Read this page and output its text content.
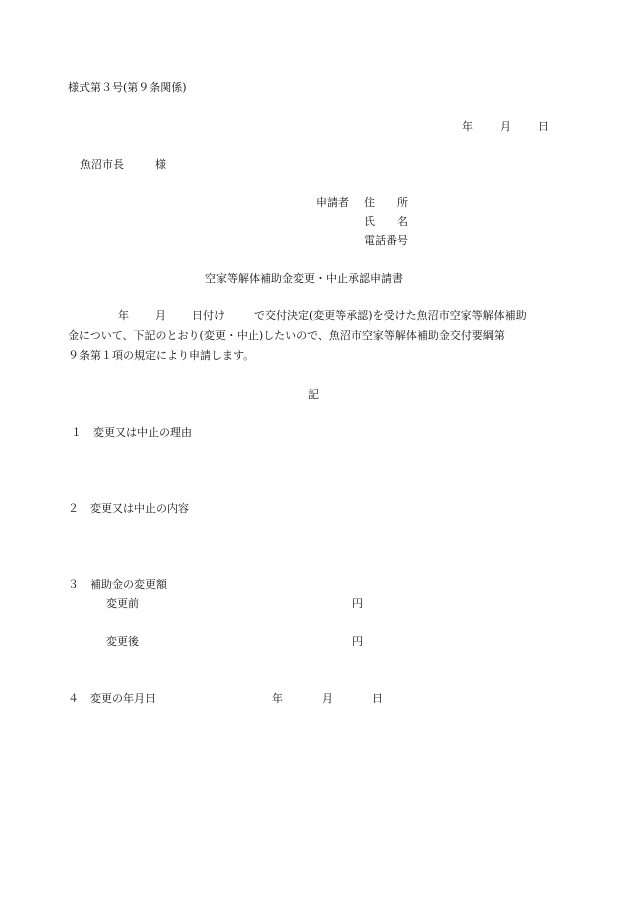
様式第３号(第９条関係)
年 月 日
魚沼市長	様
申請者 住　　所
氏　　名
電話番号
空家等解体補助金変更・中止承認申請書
年 月 日付け	で交付決定(変更等承認)を受けた魚沼市空家等解体補助
金について、下記のとおり(変更・中止)したいので、魚沼市空家等解体補助金交付要綱第
９条第１項の規定により申請します。
記
１　変更又は中止の理由
２　変更又は中止の内容
３　補助金の変更額
変更前	円
変更後	円
４　変更の年月日	年	月	日
